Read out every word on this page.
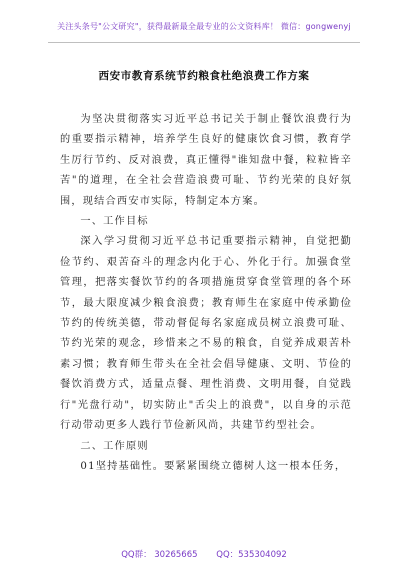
关注头条号"公文研究"，获得最新最全最专业的公文资料库！ 微信：gongwenyj
西安市教育系统节约粮食杜绝浪费工作方案

为坚决贯彻落实习近平总书记关于制止餐饮浪费行为的重要指示精神，培养学生良好的健康饮食习惯，教育学生厉行节约、反对浪费，真正懂得"谁知盘中餐，粒粒皆辛苦"的道理，在全社会营造浪费可耻、节约光荣的良好氛围，现结合西安市实际，特制定本方案。

一、工作目标

深入学习贯彻习近平总书记重要指示精神，自觉把勤俭节约、艰苦奋斗的理念内化于心、外化于行。加强食堂管理，把落实餐饮节约的各项措施贯穿食堂管理的各个环节，最大限度减少粮食浪费；教育师生在家庭中传承勤俭节约的传统美德，带动督促每名家庭成员树立浪费可耻、节约光荣的观念，珍惜来之不易的粮食，自觉养成艰苦朴素习惯；教育师生带头在全社会倡导健康、文明、节俭的餐饮消费方式，适量点餐、理性消费、文明用餐，自觉践行"光盘行动"，切实防止"舌尖上的浪费"，以自身的示范行动带动更多人践行节俭新风尚，共建节约型社会。

二、工作原则

01坚持基础性。要紧紧围绕立德树人这一根本任务，

QQ群： 30265665 QQ：535304092
